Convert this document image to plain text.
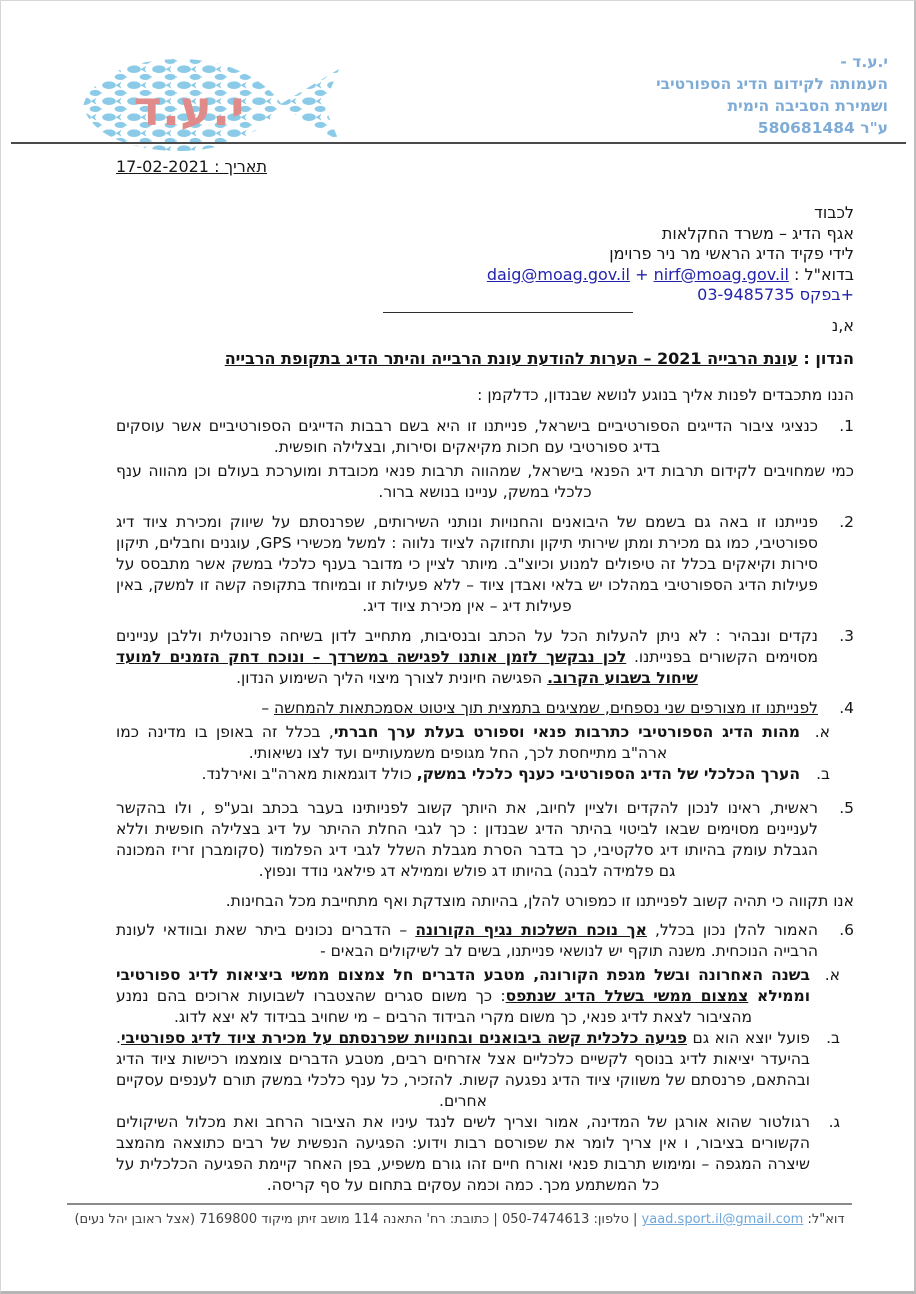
י.ע.ד
י.ע.ד -
העמותה לקידום הדיג הספורטיבי
ושמירת הסביבה הימית
ע"ר 580681484
תאריך : 17-02-2021
לכבוד
אגף הדיג – משרד החקלאות
לידי פקיד הדיג הראשי מר ניר פרוימן
בדוא"ל : daig@moag.gov.il + nirf@moag.gov.il
+בפקס 03-9485735
א,נ
הנדון : עונת הרבייה 2021 – הערות להודעת עונת הרבייה והיתר הדיג בתקופת הרבייה
הננו מתכבדים לפנות אליך בנוגע לנושא שבנדון, כדלקמן :
1.
כנציגי ציבור הדייגים הספורטיביים בישראל, פנייתנו זו היא בשם רבבות הדייגים הספורטיביים אשר עוסקים בדיג ספורטיבי עם חכות מקיאקים וסירות, ובצלילה חופשית.
כמי שמחויבים לקידום תרבות דיג הפנאי בישראל, שמהווה תרבות פנאי מכובדת ומוערכת בעולם וכן מהווה ענף כלכלי במשק, עניינו בנושא ברור.
2.
פנייתנו זו באה גם בשמם של היבואנים והחנויות ונותני השירותים, שפרנסתם על שיווק ומכירת ציוד דיג ספורטיבי, כמו גם מכירת ומתן שירותי תיקון ותחזוקה לציוד נלווה : למשל מכשירי GPS, עוגנים וחבלים, תיקון סירות וקיאקים בכלל זה טיפולים למנוע וכיוצ"ב. מיותר לציין כי מדובר בענף כלכלי במשק אשר מתבסס על פעילות הדיג הספורטיבי במהלכו יש בלאי ואבדן ציוד – ללא פעילות זו ובמיוחד בתקופה קשה זו למשק, באין פעילות דיג – אין מכירת ציוד דיג.
3.
נקדים ונבהיר : לא ניתן להעלות הכל על הכתב ובנסיבות, מתחייב לדון בשיחה פרונטלית וללבן עניינים מסוימים הקשורים בפנייתנו. לכן נבקשך לזמן אותנו לפגישה במשרדך – ונוכח דחק הזמנים למועד שיחול בשבוע הקרוב. הפגישה חיונית לצורך מיצוי הליך השימוע הנדון.
4.
לפנייתנו זו מצורפים שני נספחים, שמציגים בתמצית תוך ציטוט אסמכתאות להמחשה –
א.
מהות הדיג הספורטיבי כתרבות פנאי וספורט בעלת ערך חברתי, בכלל זה באופן בו מדינה כמו ארה"ב מתייחסת לכך, החל מגופים משמעותיים ועד לצו נשיאותי.
ב.
הערך הכלכלי של הדיג הספורטיבי כענף כלכלי במשק, כולל דוגמאות מארה"ב ואירלנד.
5.
ראשית, ראינו לנכון להקדים ולציין לחיוב, את היותך קשוב לפניותינו בעבר בכתב ובע"פ , ולו בהקשר לעניינים מסוימים שבאו לביטוי בהיתר הדיג שבנדון : כך לגבי החלת ההיתר על דיג בצלילה חופשית וללא הגבלת עומק בהיותו דיג סלקטיבי, כך בדבר הסרת מגבלת השלל לגבי דיג הפלמוד (סקומברן זריז המכונה גם פלמידה לבנה) בהיותו דג פולש וממילא דג פילאגי נודד ונפוץ.
אנו תקווה כי תהיה קשוב לפנייתנו זו כמפורט להלן, בהיותה מוצדקת ואף מתחייבת מכל הבחינות.
6.
האמור להלן נכון בכלל, אך נוכח השלכות נגיף הקורונה – הדברים נכונים ביתר שאת ובוודאי לעונת הרבייה הנוכחית. משנה תוקף יש לנושאי פנייתנו, בשים לב לשיקולים הבאים -
א.
בשנה האחרונה ובשל מגפת הקורונה, מטבע הדברים חל צמצום ממשי ביציאות לדיג ספורטיבי וממילא צמצום ממשי בשלל הדיג שנתפס: כך משום סגרים שהצטברו לשבועות ארוכים בהם נמנע מהציבור לצאת לדיג פנאי, כך משום מקרי הבידוד הרבים – מי שחויב בבידוד לא יצא לדוג.
ב.
פועל יוצא הוא גם פגיעה כלכלית קשה ביבואנים ובחנויות שפרנסתם על מכירת ציוד לדיג ספורטיבי. בהיעדר יציאות לדיג בנוסף לקשיים כלכליים אצל אזרחים רבים, מטבע הדברים צומצמו רכישות ציוד הדיג ובהתאם, פרנסתם של משווקי ציוד הדיג נפגעה קשות. להזכיר, כל ענף כלכלי במשק תורם לענפים עסקיים אחרים.
ג.
רגולטור שהוא אורגן של המדינה, אמור וצריך לשים לנגד עיניו את הציבור הרחב ואת מכלול השיקולים הקשורים בציבור, ו אין צריך לומר את שפורסם רבות וידוע: הפגיעה הנפשית של רבים כתוצאה מהמצב שיצרה המגפה – ומימוש תרבות פנאי ואורח חיים זהו גורם משפיע, בפן האחר קיימת הפגיעה הכלכלית על כל המשתמע מכך. כמה וכמה עסקים בתחום על סף קריסה.
דוא"ל: yaad.sport.il@gmail.com | טלפון: 050-7474613 | כתובת: רח' התאנה 114 מושב זיתן מיקוד 7169800 (אצל ראובן יהל נעים)
